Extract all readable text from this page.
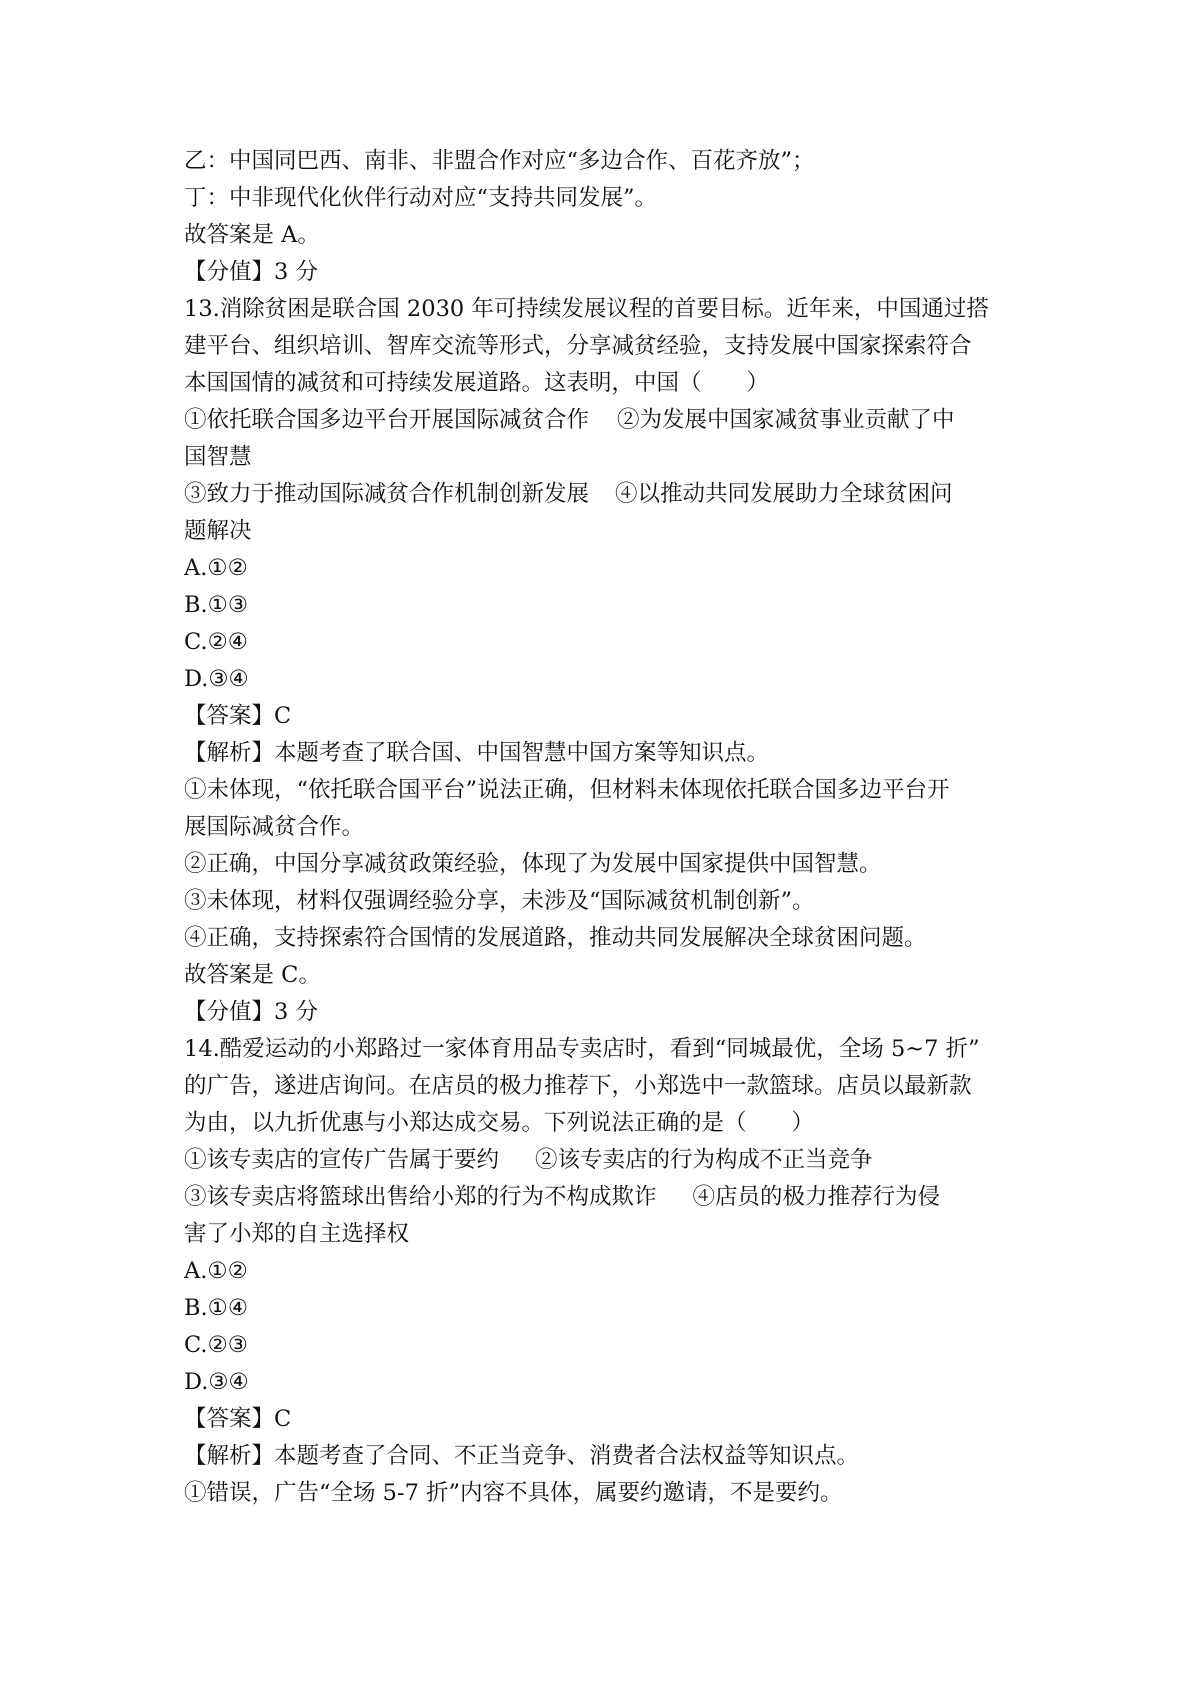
乙：中国同巴西、南非、非盟合作对应“多边合作、百花齐放”；
丁：中非现代化伙伴行动对应“支持共同发展”。
故答案是 A。
【分值】3 分
13.消除贫困是联合国 2030 年可持续发展议程的首要目标。近年来，中国通过搭
建平台、组织培训、智库交流等形式，分享减贫经验，支持发展中国家探索符合
本国国情的减贫和可持续发展道路。这表明，中国（　　）
①依托联合国多边平台开展国际减贫合作 ②为发展中国家减贫事业贡献了中
国智慧
③致力于推动国际减贫合作机制创新发展 ④以推动共同发展助力全球贫困问
题解决
A.①②
B.①③
C.②④
D.③④
【答案】C
【解析】本题考查了联合国、中国智慧中国方案等知识点。
①未体现，“依托联合国平台”说法正确，但材料未体现依托联合国多边平台开
展国际减贫合作。
②正确，中国分享减贫政策经验，体现了为发展中国家提供中国智慧。
③未体现，材料仅强调经验分享，未涉及“国际减贫机制创新”。
④正确，支持探索符合国情的发展道路，推动共同发展解决全球贫困问题。
故答案是 C。
【分值】3 分
14.酷爱运动的小郑路过一家体育用品专卖店时，看到“同城最优，全场 5~7 折”
的广告，遂进店询问。在店员的极力推荐下，小郑选中一款篮球。店员以最新款
为由，以九折优惠与小郑达成交易。下列说法正确的是（　　）
①该专卖店的宣传广告属于要约 ②该专卖店的行为构成不正当竞争
③该专卖店将篮球出售给小郑的行为不构成欺诈 ④店员的极力推荐行为侵
害了小郑的自主选择权
A.①②
B.①④
C.②③
D.③④
【答案】C
【解析】本题考查了合同、不正当竞争、消费者合法权益等知识点。
①错误，广告“全场 5-7 折”内容不具体，属要约邀请，不是要约。
